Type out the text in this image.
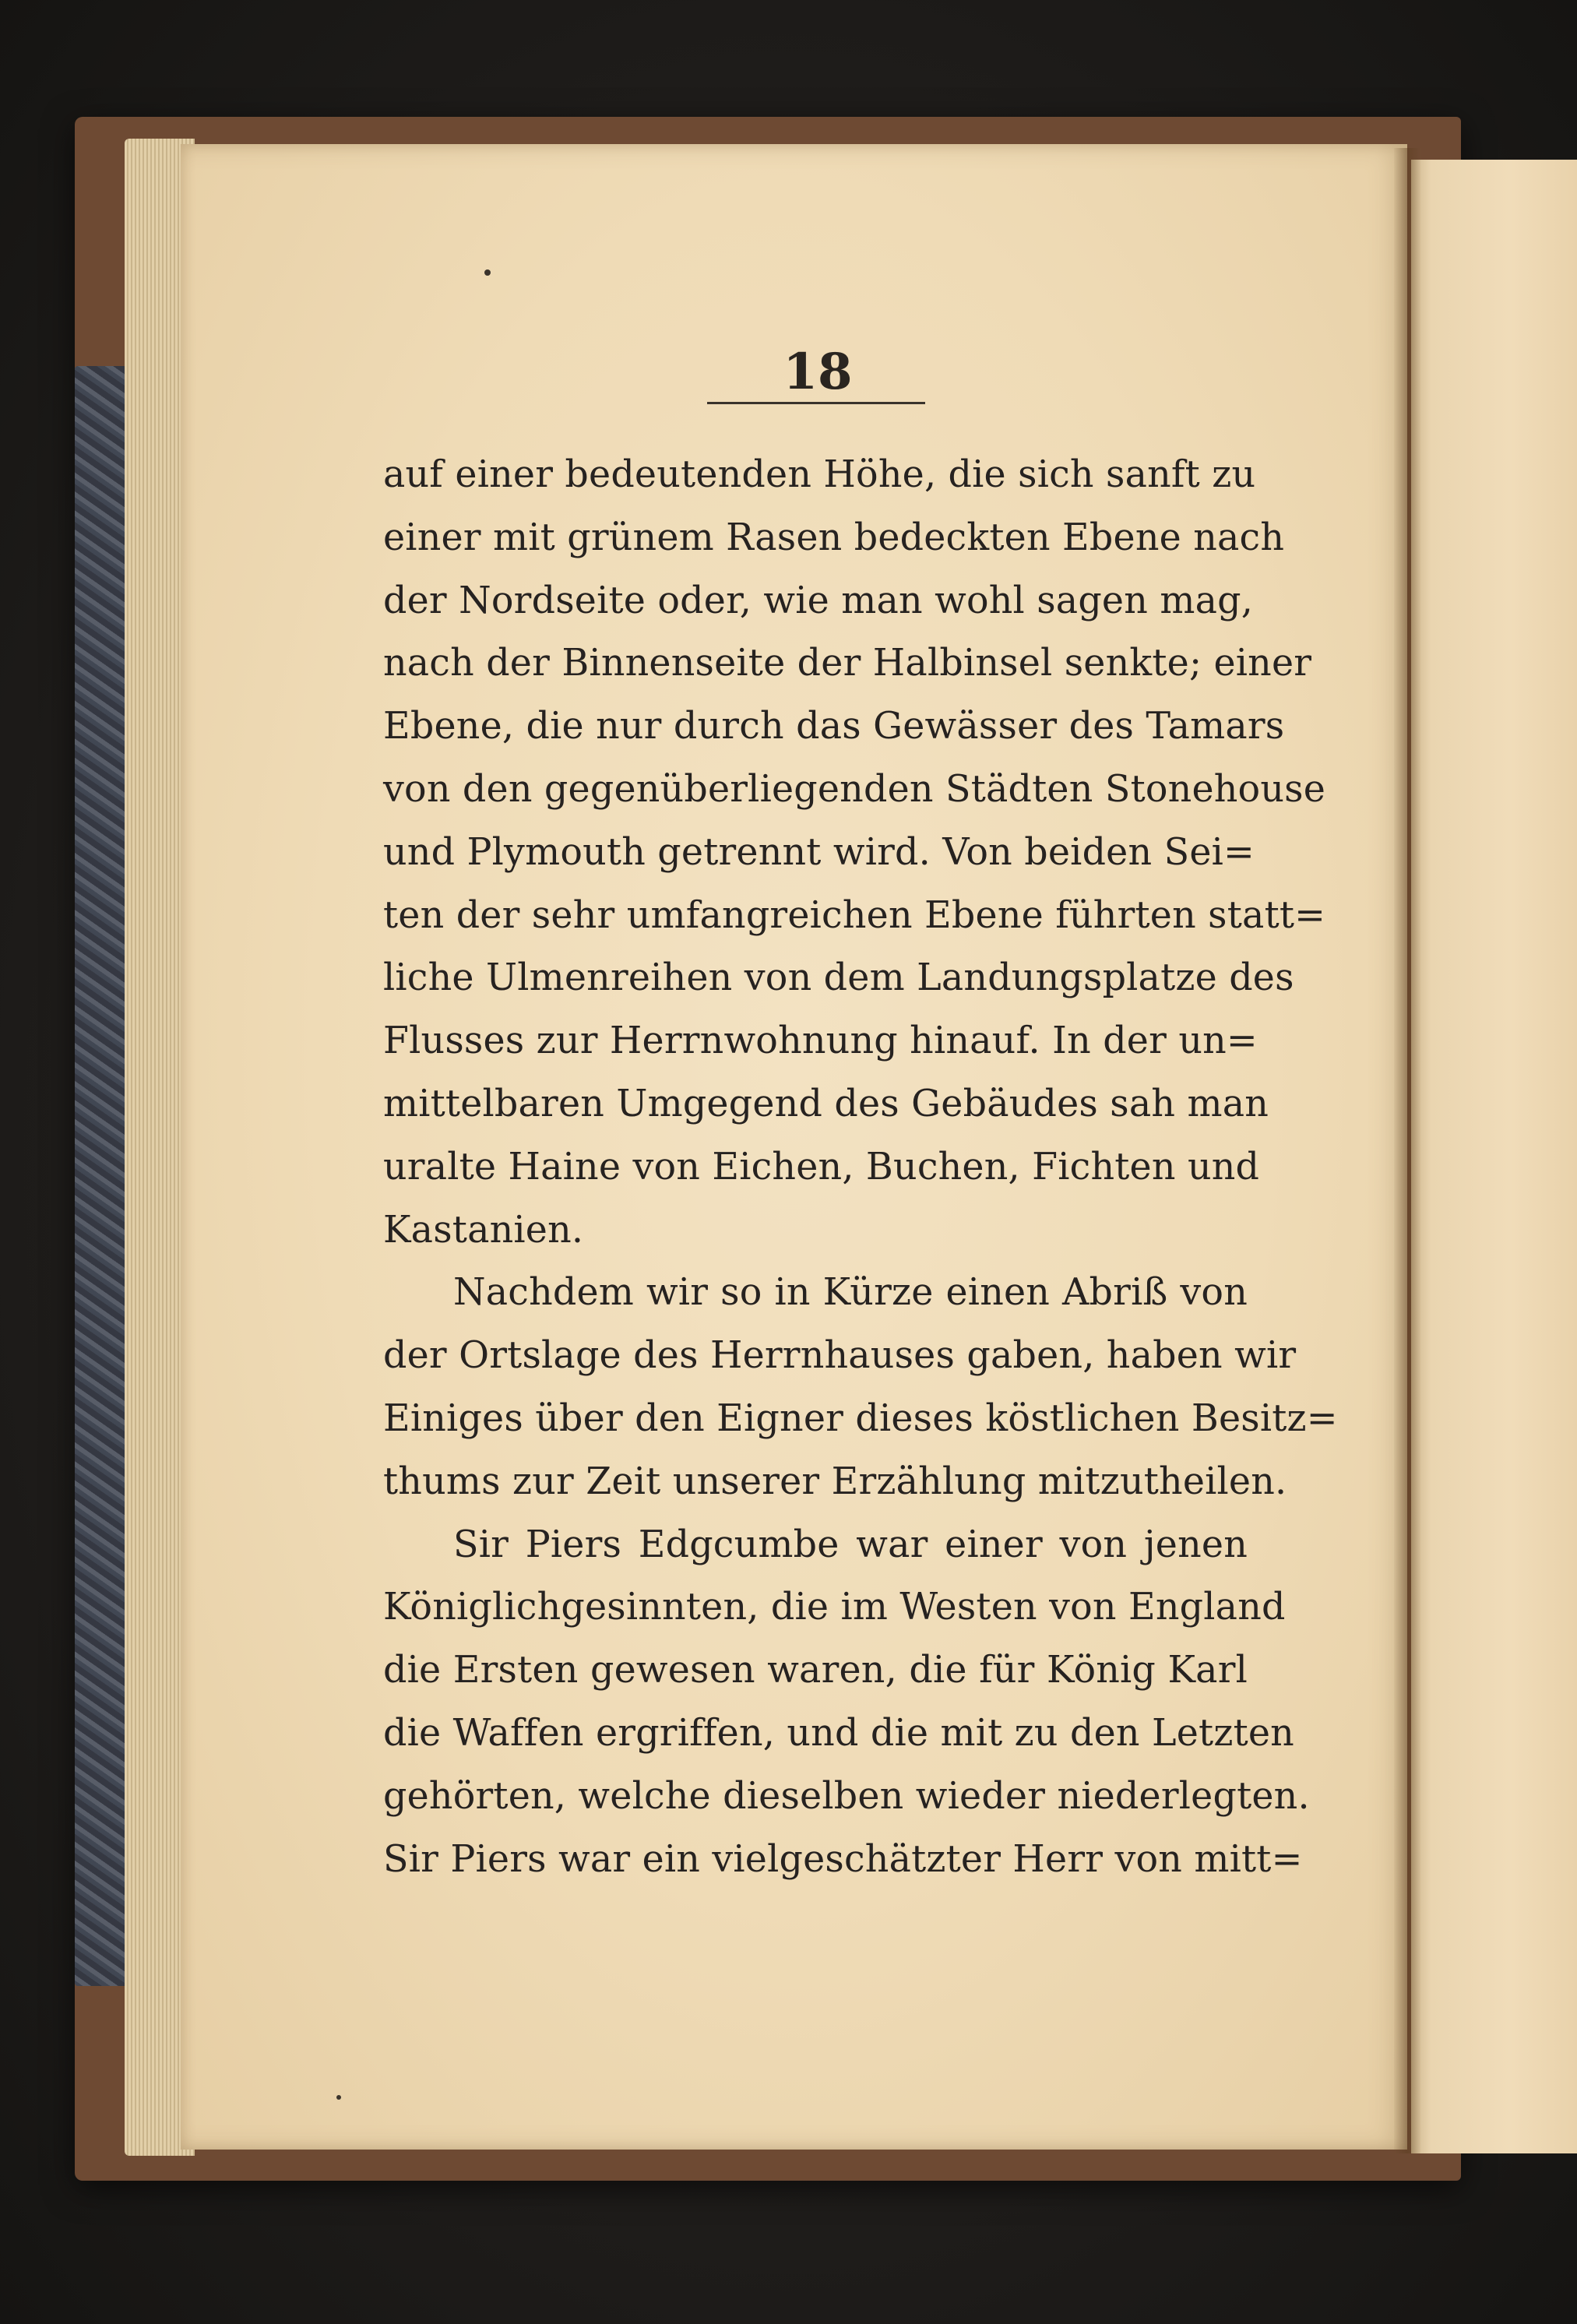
18
auf einer bedeutenden Höhe, die sich sanft zu
einer mit grünem Rasen bedeckten Ebene nach
der Nordseite oder, wie man wohl sagen mag,
nach der Binnenseite der Halbinsel senkte; einer
Ebene, die nur durch das Gewässer des Tamars
von den gegenüberliegenden Städten Stonehouse
und Plymouth getrennt wird. Von beiden Sei=
ten der sehr umfangreichen Ebene führten statt=
liche Ulmenreihen von dem Landungsplatze des
Flusses zur Herrnwohnung hinauf. In der un=
mittelbaren Umgegend des Gebäudes sah man
uralte Haine von Eichen, Buchen, Fichten und
Kastanien.
Nachdem wir so in Kürze einen Abriß von
der Ortslage des Herrnhauses gaben, haben wir
Einiges über den Eigner dieses köstlichen Besitz=
thums zur Zeit unserer Erzählung mitzutheilen.
Sir Piers Edgcumbe war einer von jenen
Königlichgesinnten, die im Westen von England
die Ersten gewesen waren, die für König Karl
die Waffen ergriffen, und die mit zu den Letzten
gehörten, welche dieselben wieder niederlegten.
Sir Piers war ein vielgeschätzter Herr von mitt=
